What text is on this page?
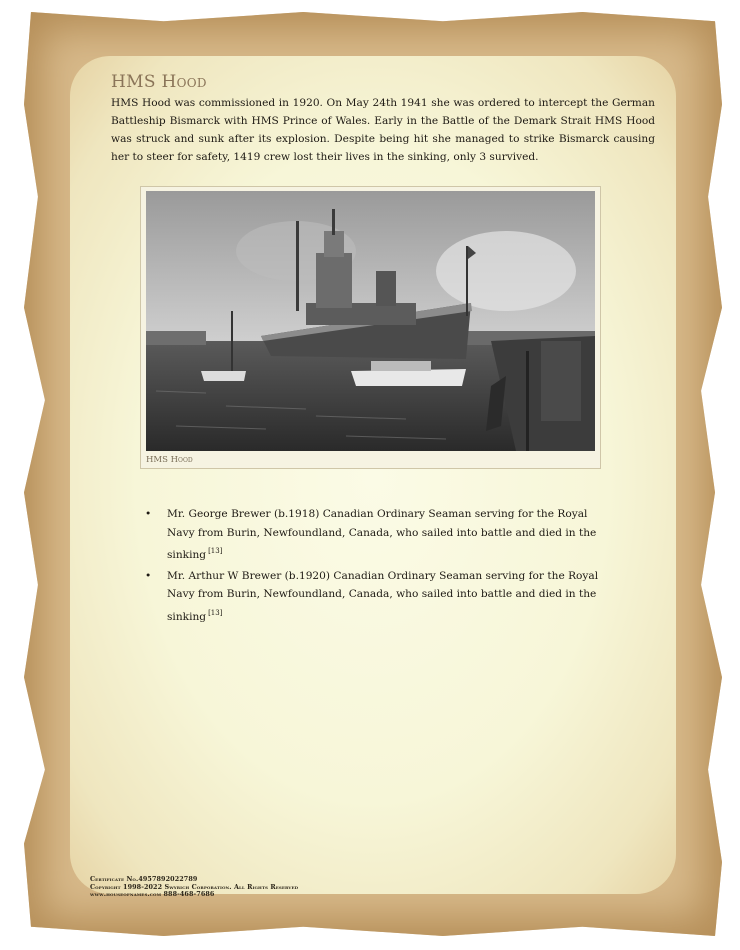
HMS Hood
HMS Hood was commissioned in 1920. On May 24th 1941 she was ordered to intercept the German Battleship Bismarck with HMS Prince of Wales. Early in the Battle of the Demark Strait HMS Hood was struck and sunk after its explosion. Despite being hit she managed to strike Bismarck causing her to steer for safety, 1419 crew lost their lives in the sinking, only 3 survived.
HMS Hood
• Mr. George Brewer (b.1918) Canadian Ordinary Seaman serving for the Royal Navy from Burin, Newfoundland, Canada, who sailed into battle and died in the sinking [13]
• Mr. Arthur W Brewer (b.1920) Canadian Ordinary Seaman serving for the Royal Navy from Burin, Newfoundland, Canada, who sailed into battle and died in the sinking [13]
Certificate No.4957892022789
Copyright 1998-2022 Swyrich Corporation. All Rights Reserved
www.houseofnames.com 888-468-7686
